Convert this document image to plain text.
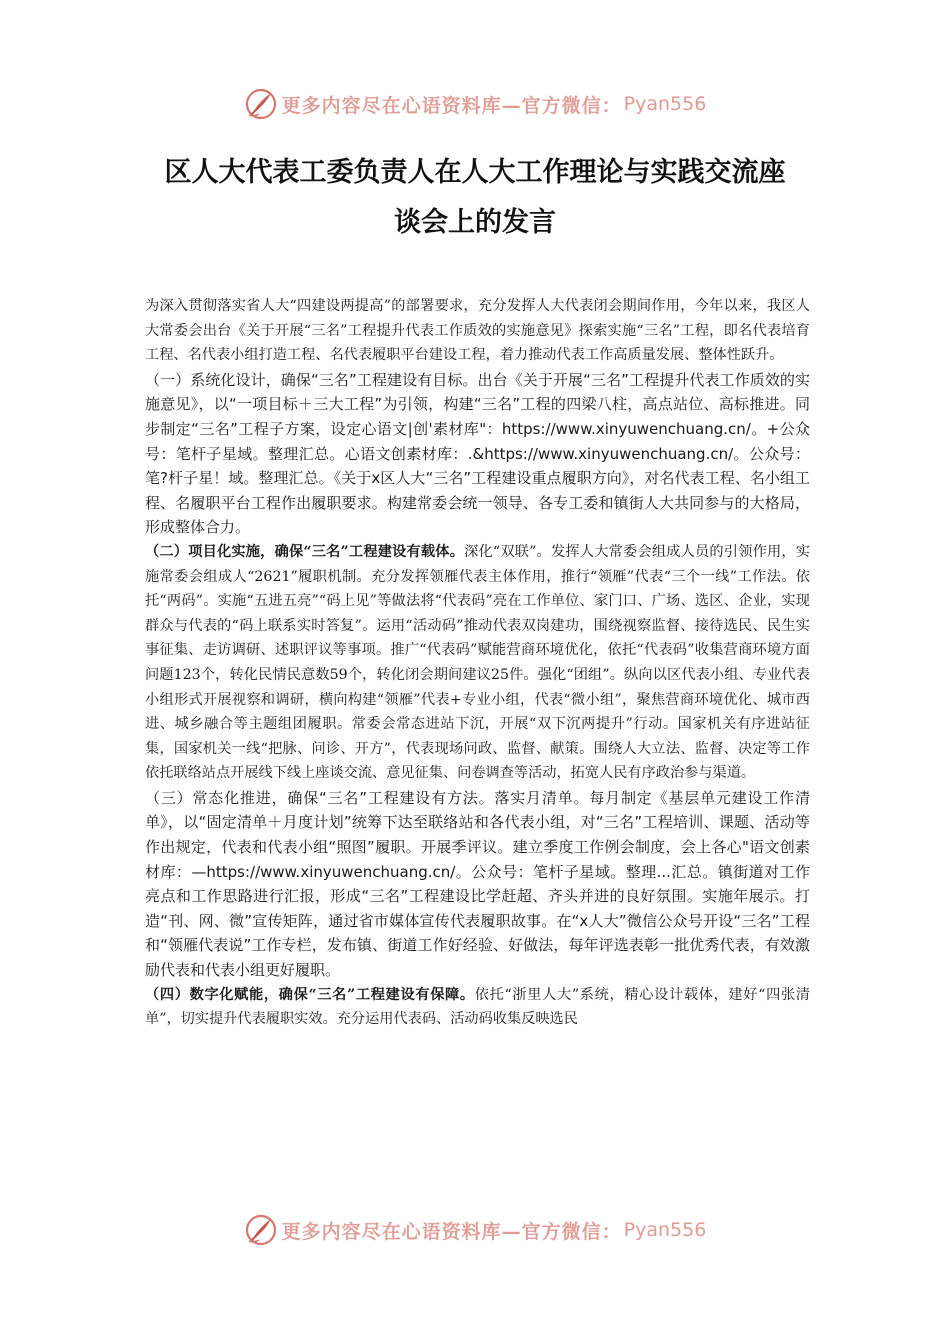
更多内容尽在心语资料库—官方微信： Pyan556
区人大代表工委负责人在人大工作理论与实践交流座
谈会上的发言

为深入贯彻落实省人大“四建设两提高”的部署要求，充分发挥人大代表闭会期间作用，今年以来，我区人大常委会出台《关于开展“三名”工程提升代表工作质效的实施意见》探索实施“三名”工程，即名代表培育工程、名代表小组打造工程、名代表履职平台建设工程，着力推动代表工作高质量发展、整体性跃升。

（一）系统化设计，确保“三名”工程建设有目标。出台《关于开展“三名”工程提升代表工作质效的实施意见》，以“一项目标＋三大工程”为引领，构建“三名”工程的四梁八柱，高点站位、高标推进。同步制定“三名”工程子方案，设定心语文|创'素材库"：https://www.xinyuwenchuang.cn/。+公众号：笔杆子星域。整理汇总。心语文创素材库：.&https://www.xinyuwenchuang.cn/。公众号：笔?杆子星！域。整理汇总。《关于x区人大“三名”工程建设重点履职方向》，对名代表工程、名小组工程、名履职平台工程作出履职要求。构建常委会统一领导、各专工委和镇街人大共同参与的大格局，形成整体合力。

（二）项目化实施，确保“三名”工程建设有载体。深化“双联”。发挥人大常委会组成人员的引领作用，实施常委会组成人“2621”履职机制。充分发挥领雁代表主体作用，推行“领雁”代表“三个一线”工作法。依托“两码”。实施“五进五亮”“码上见”等做法将“代表码”亮在工作单位、家门口、广场、选区、企业，实现群众与代表的“码上联系实时答复”。运用“活动码”推动代表双岗建功，围绕视察监督、接待选民、民生实事征集、走访调研、述职评议等事项。推广“代表码”赋能营商环境优化，依托“代表码”收集营商环境方面问题123个，转化民情民意数59个，转化闭会期间建议25件。强化“团组”。纵向以区代表小组、专业代表小组形式开展视察和调研，横向构建“领雁”代表+专业小组，代表“微小组”，聚焦营商环境优化、城市西进、城乡融合等主题组团履职。常委会常态进站下沉，开展“双下沉两提升”行动。国家机关有序进站征集，国家机关一线“把脉、问诊、开方”，代表现场问政、监督、献策。围绕人大立法、监督、决定等工作依托联络站点开展线下线上座谈交流、意见征集、问卷调查等活动，拓宽人民有序政治参与渠道。

（三）常态化推进，确保“三名”工程建设有方法。落实月清单。每月制定《基层单元建设工作清单》，以“固定清单＋月度计划”统筹下达至联络站和各代表小组，对“三名”工程培训、课题、活动等作出规定，代表和代表小组“照图”履职。开展季评议。建立季度工作例会制度，会上各心"语文创素材库：—https://www.xinyuwenchuang.cn/。公众号：笔杆子星域。整理...汇总。镇街道对工作亮点和工作思路进行汇报，形成“三名”工程建设比学赶超、齐头并进的良好氛围。实施年展示。打造“刊、网、微”宣传矩阵，通过省市媒体宣传代表履职故事。在“x人大”微信公众号开设“三名”工程和“领雁代表说”工作专栏，发布镇、街道工作好经验、好做法，每年评选表彰一批优秀代表，有效激励代表和代表小组更好履职。

（四）数字化赋能，确保“三名”工程建设有保障。依托“浙里人大”系统，精心设计载体，建好“四张清单”，切实提升代表履职实效。充分运用代表码、活动码收集反映选民

更多内容尽在心语资料库—官方微信： Pyan556
